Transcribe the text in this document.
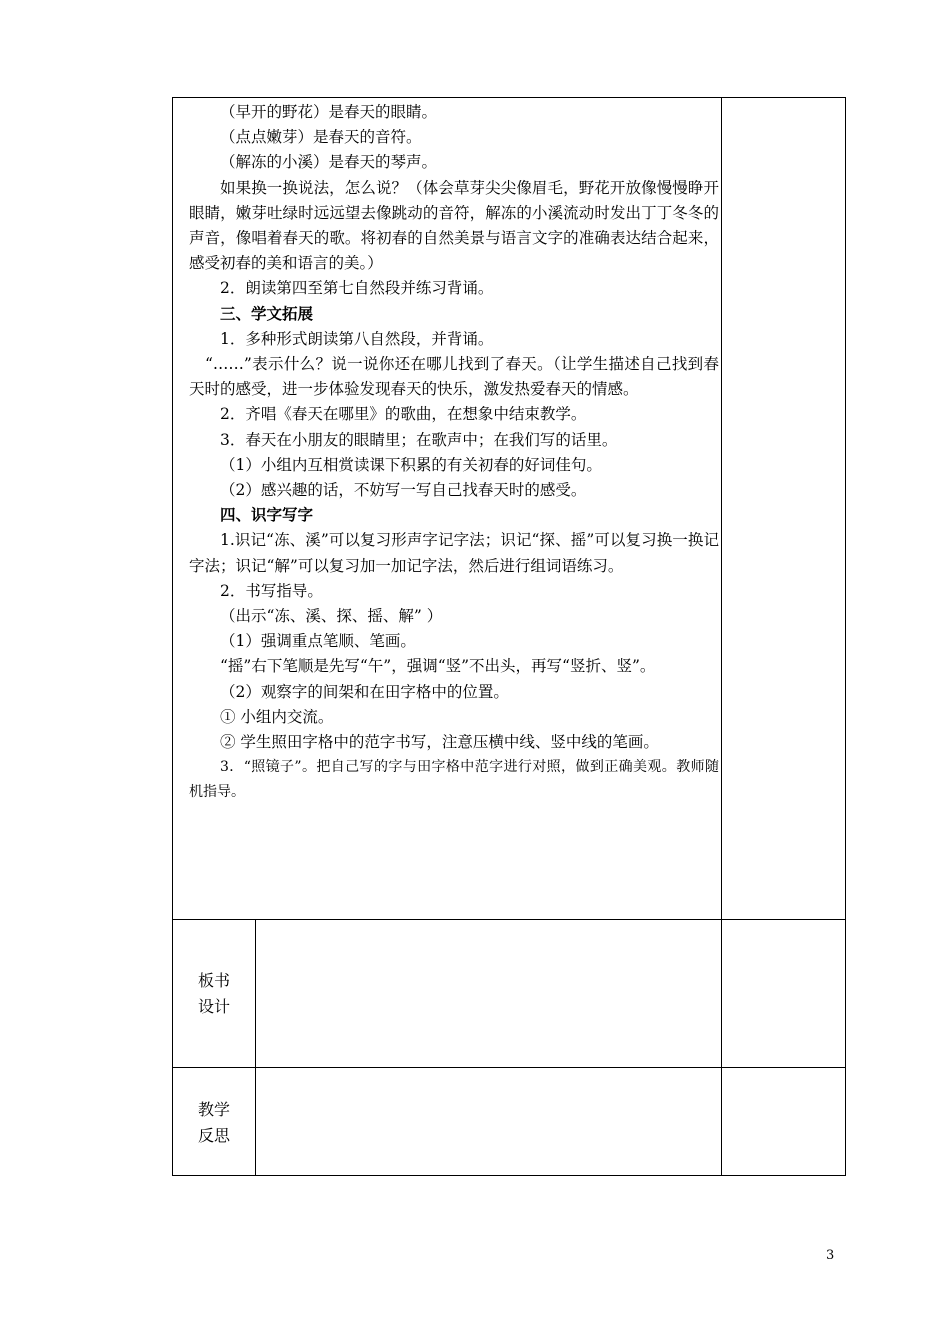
（早开的野花）是春天的眼睛。

（点点嫩芽）是春天的音符。

（解冻的小溪）是春天的琴声。

如果换一换说法，怎么说？（体会草芽尖尖像眉毛，野花开放像慢慢睁开眼睛，嫩芽吐绿时远远望去像跳动的音符，解冻的小溪流动时发出丁丁冬冬的声音，像唱着春天的歌。将初春的自然美景与语言文字的准确表达结合起来，感受初春的美和语言的美。）

2．朗读第四至第七自然段并练习背诵。

三、学文拓展

1．多种形式朗读第八自然段，并背诵。

“……”表示什么？说一说你还在哪儿找到了春天。（让学生描述自己找到春天时的感受，进一步体验发现春天的快乐，激发热爱春天的情感。

2．齐唱《春天在哪里》的歌曲，在想象中结束教学。

3．春天在小朋友的眼睛里；在歌声中；在我们写的话里。

（1）小组内互相赏读课下积累的有关初春的好词佳句。

（2）感兴趣的话，不妨写一写自己找春天时的感受。

四、识字写字

1.识记“冻、溪”可以复习形声字记字法；识记“探、摇”可以复习换一换记字法；识记“解”可以复习加一加记字法，然后进行组词语练习。

2．书写指导。

（出示“冻、溪、探、摇、解” ）

（1）强调重点笔顺、笔画。

“摇”右下笔顺是先写“午”，强调“竖”不出头，再写“竖折、竖”。

（2）观察字的间架和在田字格中的位置。

① 小组内交流。

② 学生照田字格中的范字书写，注意压横中线、竖中线的笔画。

3．“照镜子”。把自己写的字与田字格中范字进行对照，做到正确美观。教师随机指导。

板书
设计
教学
反思
3
